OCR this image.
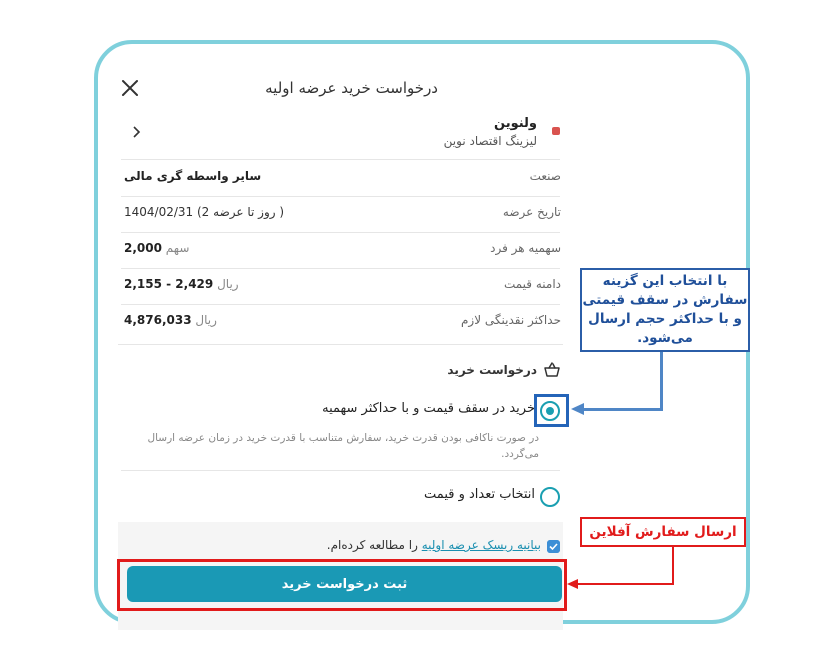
درخواست خرید عرضه اولیه
ولنوین
لیزینگ اقتصاد نوین
صنعت
سایر واسطه گری مالی
تاریخ عرضه
1404/02/31 (2 روز تا عرضه )
سهمیه هر فرد
2,000 سهم
دامنه قیمت
2,155 - 2,429 ریال
حداکثر نقدینگی لازم
4,876,033 ریال
درخواست خرید
خرید در سقف قیمت و با حداکثر سهمیه
در صورت ناکافی بودن قدرت خرید، سفارش متناسب با قدرت خرید در زمان عرضه ارسال می‌گردد.
انتخاب تعداد و قیمت
بیانیه ریسک عرضه اولیه را مطالعه کرده‌ام.
ثبت درخواست خرید
با انتخاب این گزینه سفارش در سقف قیمتی و با حداکثر حجم ارسال می‌شود.
ارسال سفارش آفلاین
